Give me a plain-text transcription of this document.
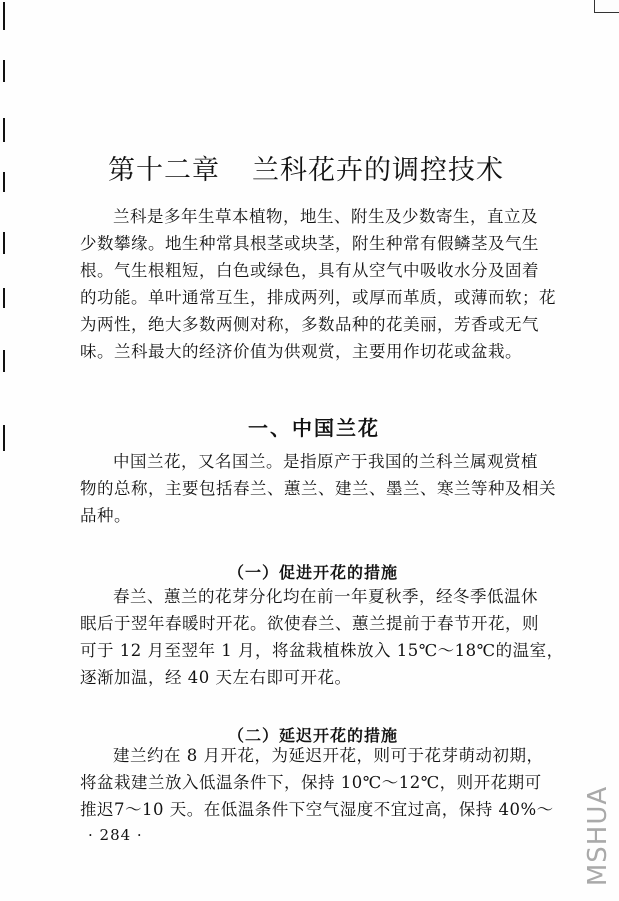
第十二章 兰科花卉的调控技术

兰科是多年生草本植物，地生、附生及少数寄生，直立及
少数攀缘。地生种常具根茎或块茎，附生种常有假鳞茎及气生
根。气生根粗短，白色或绿色，具有从空气中吸收水分及固着
的功能。单叶通常互生，排成两列，或厚而革质，或薄而软；花
为两性，绝大多数两侧对称，多数品种的花美丽，芳香或无气
味。兰科最大的经济价值为供观赏，主要用作切花或盆栽。

一、中国兰花

中国兰花，又名国兰。是指原产于我国的兰科兰属观赏植
物的总称，主要包括春兰、蕙兰、建兰、墨兰、寒兰等种及相关
品种。

（一）促进开花的措施

春兰、蕙兰的花芽分化均在前一年夏秋季，经冬季低温休
眠后于翌年春暖时开花。欲使春兰、蕙兰提前于春节开花，则
可于 12 月至翌年 1 月，将盆栽植株放入 15℃～18℃的温室，
逐渐加温，经 40 天左右即可开花。

（二）延迟开花的措施

建兰约在 8 月开花，为延迟开花，则可于花芽萌动初期，
将盆栽建兰放入低温条件下，保持 10℃～12℃，则开花期可
推迟7～10 天。在低温条件下空气湿度不宜过高，保持 40%～

· 284 ·	MSHUA
